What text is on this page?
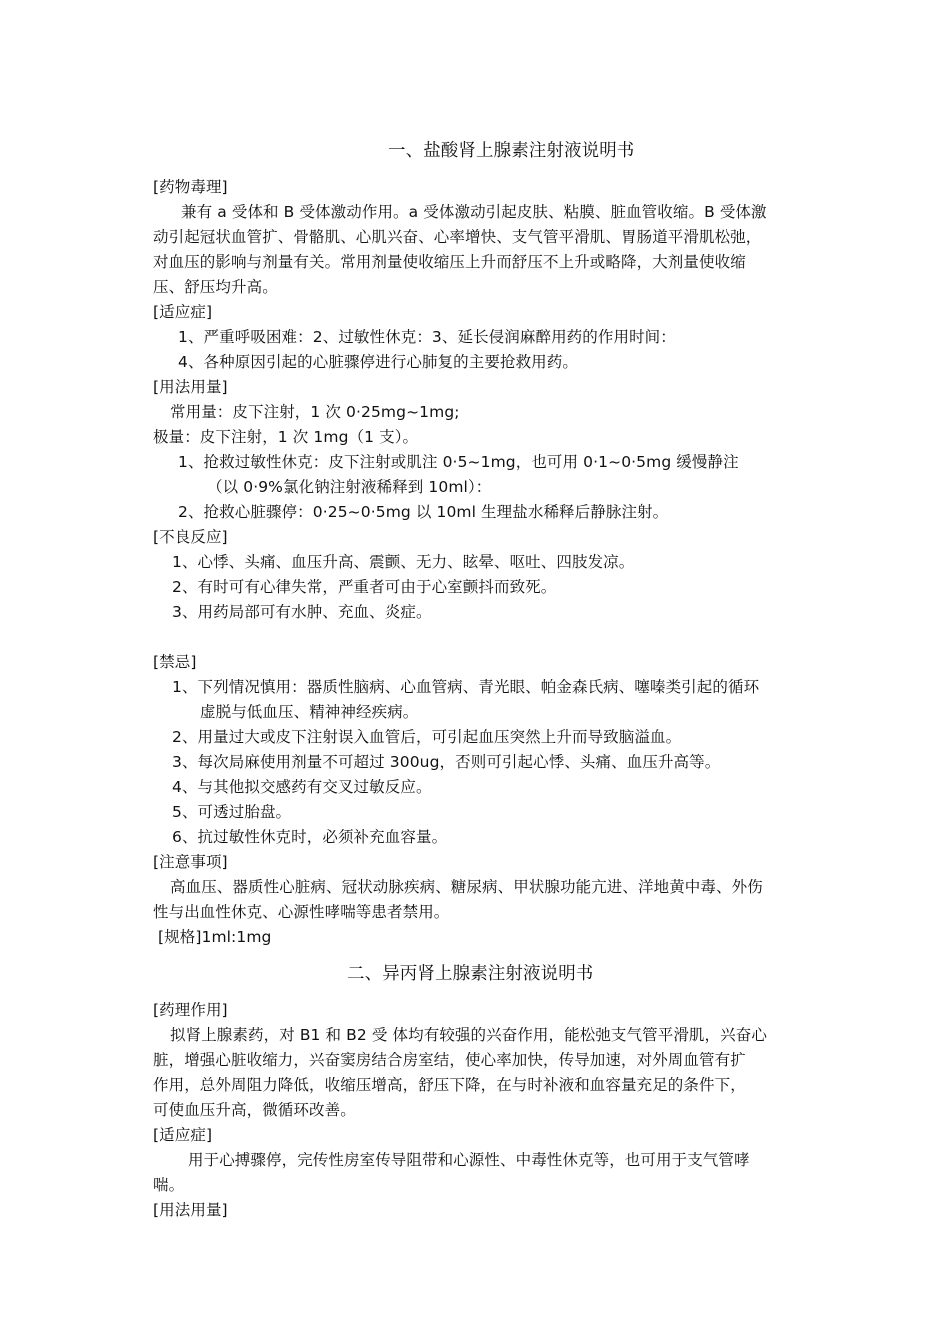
一、盐酸肾上腺素注射液说明书

[药物毒理]

兼有 a 受体和 B 受体激动作用。a 受体激动引起皮肤、粘膜、脏血管收缩。B 受体激

动引起冠状血管扩、骨骼肌、心肌兴奋、心率增快、支气管平滑肌、胃肠道平滑肌松弛，

对血压的影响与剂量有关。常用剂量使收缩压上升而舒压不上升或略降，大剂量使收缩

压、舒压均升高。

[适应症]

1、严重呼吸困难：2、过敏性休克：3、延长侵润麻醉用药的作用时间：

4、各种原因引起的心脏骤停进行心肺复的主要抢救用药。

[用法用量]

常用量：皮下注射，1 次 0·25mg~1mg;

极量：皮下注射，1 次 1mg（1 支）。

1、抢救过敏性休克：皮下注射或肌注 0·5~1mg，也可用 0·1~0·5mg 缓慢静注

（以 0·9%氯化钠注射液稀释到 10ml）：

2、抢救心脏骤停：0·25~0·5mg 以 10ml 生理盐水稀释后静脉注射。

[不良反应]

1、心悸、头痛、血压升高、震颤、无力、眩晕、呕吐、四肢发凉。

2、有时可有心律失常，严重者可由于心室颤抖而致死。

3、用药局部可有水肿、充血、炎症。

[禁忌]

1、下列情况慎用：器质性脑病、心血管病、青光眼、帕金森氏病、噻嗪类引起的循环

虚脱与低血压、精神神经疾病。

2、用量过大或皮下注射误入血管后，可引起血压突然上升而导致脑溢血。

3、每次局麻使用剂量不可超过 300ug，否则可引起心悸、头痛、血压升高等。

4、与其他拟交感药有交叉过敏反应。

5、可透过胎盘。

6、抗过敏性休克时，必须补充血容量。

[注意事项]

高血压、器质性心脏病、冠状动脉疾病、糖尿病、甲状腺功能亢进、洋地黄中毒、外伤

性与出血性休克、心源性哮喘等患者禁用。

[规格]1ml:1mg

二、异丙肾上腺素注射液说明书

[药理作用]

拟肾上腺素药，对 B1 和 B2 受 体均有较强的兴奋作用，能松弛支气管平滑肌，兴奋心

脏，增强心脏收缩力，兴奋窦房结合房室结，使心率加快，传导加速，对外周血管有扩

作用，总外周阻力降低，收缩压增高，舒压下降，在与时补液和血容量充足的条件下，

可使血压升高，微循环改善。

[适应症]

用于心搏骤停，完传性房室传导阻带和心源性、中毒性休克等，也可用于支气管哮

喘。

[用法用量]
